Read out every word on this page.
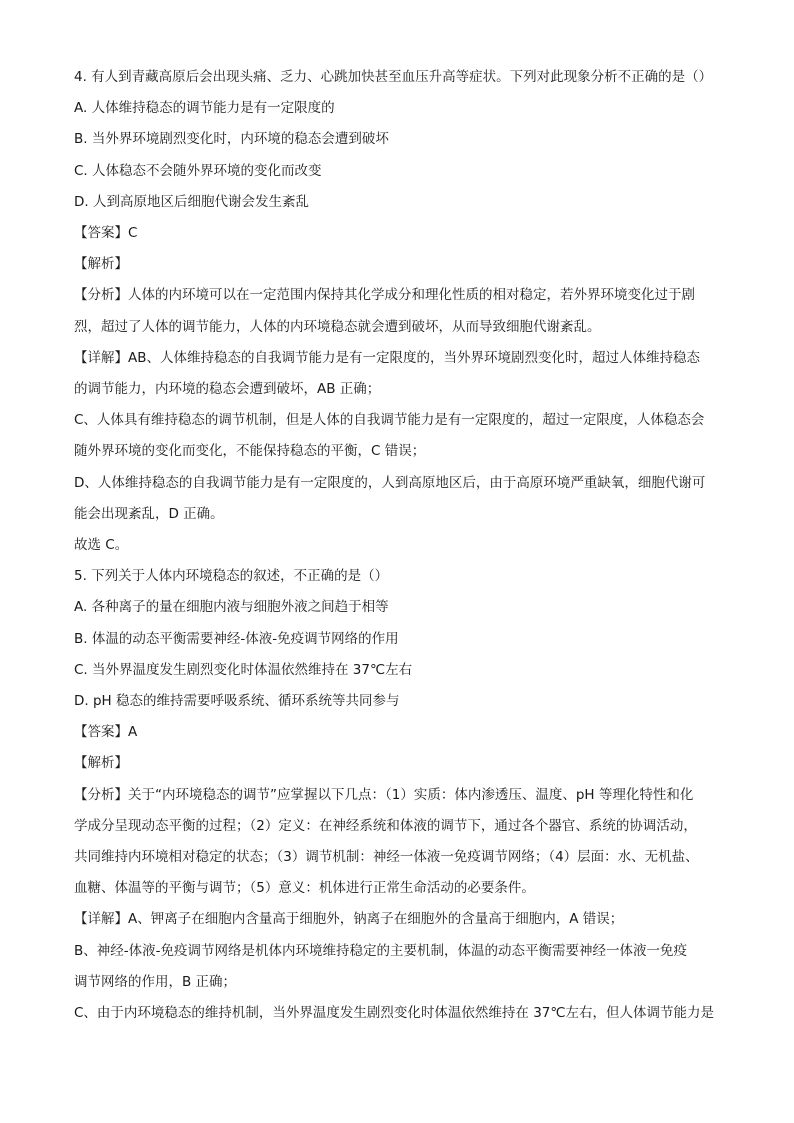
4. 有人到青藏高原后会出现头痛、乏力、心跳加快甚至血压升高等症状。下列对此现象分析不正确的是（）
A. 人体维持稳态的调节能力是有一定限度的
B. 当外界环境剧烈变化时，内环境的稳态会遭到破坏
C. 人体稳态不会随外界环境的变化而改变
D. 人到高原地区后细胞代谢会发生紊乱
【答案】C
【解析】
【分析】人体的内环境可以在一定范围内保持其化学成分和理化性质的相对稳定，若外界环境变化过于剧
烈，超过了人体的调节能力，人体的内环境稳态就会遭到破坏，从而导致细胞代谢紊乱。
【详解】AB、人体维持稳态的自我调节能力是有一定限度的，当外界环境剧烈变化时，超过人体维持稳态
的调节能力，内环境的稳态会遭到破坏，AB 正确；
C、人体具有维持稳态的调节机制，但是人体的自我调节能力是有一定限度的，超过一定限度，人体稳态会
随外界环境的变化而变化，不能保持稳态的平衡，C 错误；
D、人体维持稳态的自我调节能力是有一定限度的，人到高原地区后，由于高原环境严重缺氧，细胞代谢可
能会出现紊乱，D 正确。
故选 C。
5. 下列关于人体内环境稳态的叙述，不正确的是（）
A. 各种离子的量在细胞内液与细胞外液之间趋于相等
B. 体温的动态平衡需要神经-体液-免疫调节网络的作用
C. 当外界温度发生剧烈变化时体温依然维持在 37℃左右
D. pH 稳态的维持需要呼吸系统、循环系统等共同参与
【答案】A
【解析】
【分析】关于“内环境稳态的调节”应掌握以下几点：（1）实质：体内渗透压、温度、pH 等理化特性和化
学成分呈现动态平衡的过程；（2）定义：在神经系统和体液的调节下，通过各个器官、系统的协调活动，
共同维持内环境相对稳定的状态；（3）调节机制：神经一体液一免疫调节网络；（4）层面：水、无机盐、
血糖、体温等的平衡与调节；（5）意义：机体进行正常生命活动的必要条件。
【详解】A、钾离子在细胞内含量高于细胞外，钠离子在细胞外的含量高于细胞内，A 错误；
B、神经-体液-免疫调节网络是机体内环境维持稳定的主要机制，体温的动态平衡需要神经一体液一免疫
调节网络的作用，B 正确；
C、由于内环境稳态的维持机制，当外界温度发生剧烈变化时体温依然维持在 37℃左右，但人体调节能力是
